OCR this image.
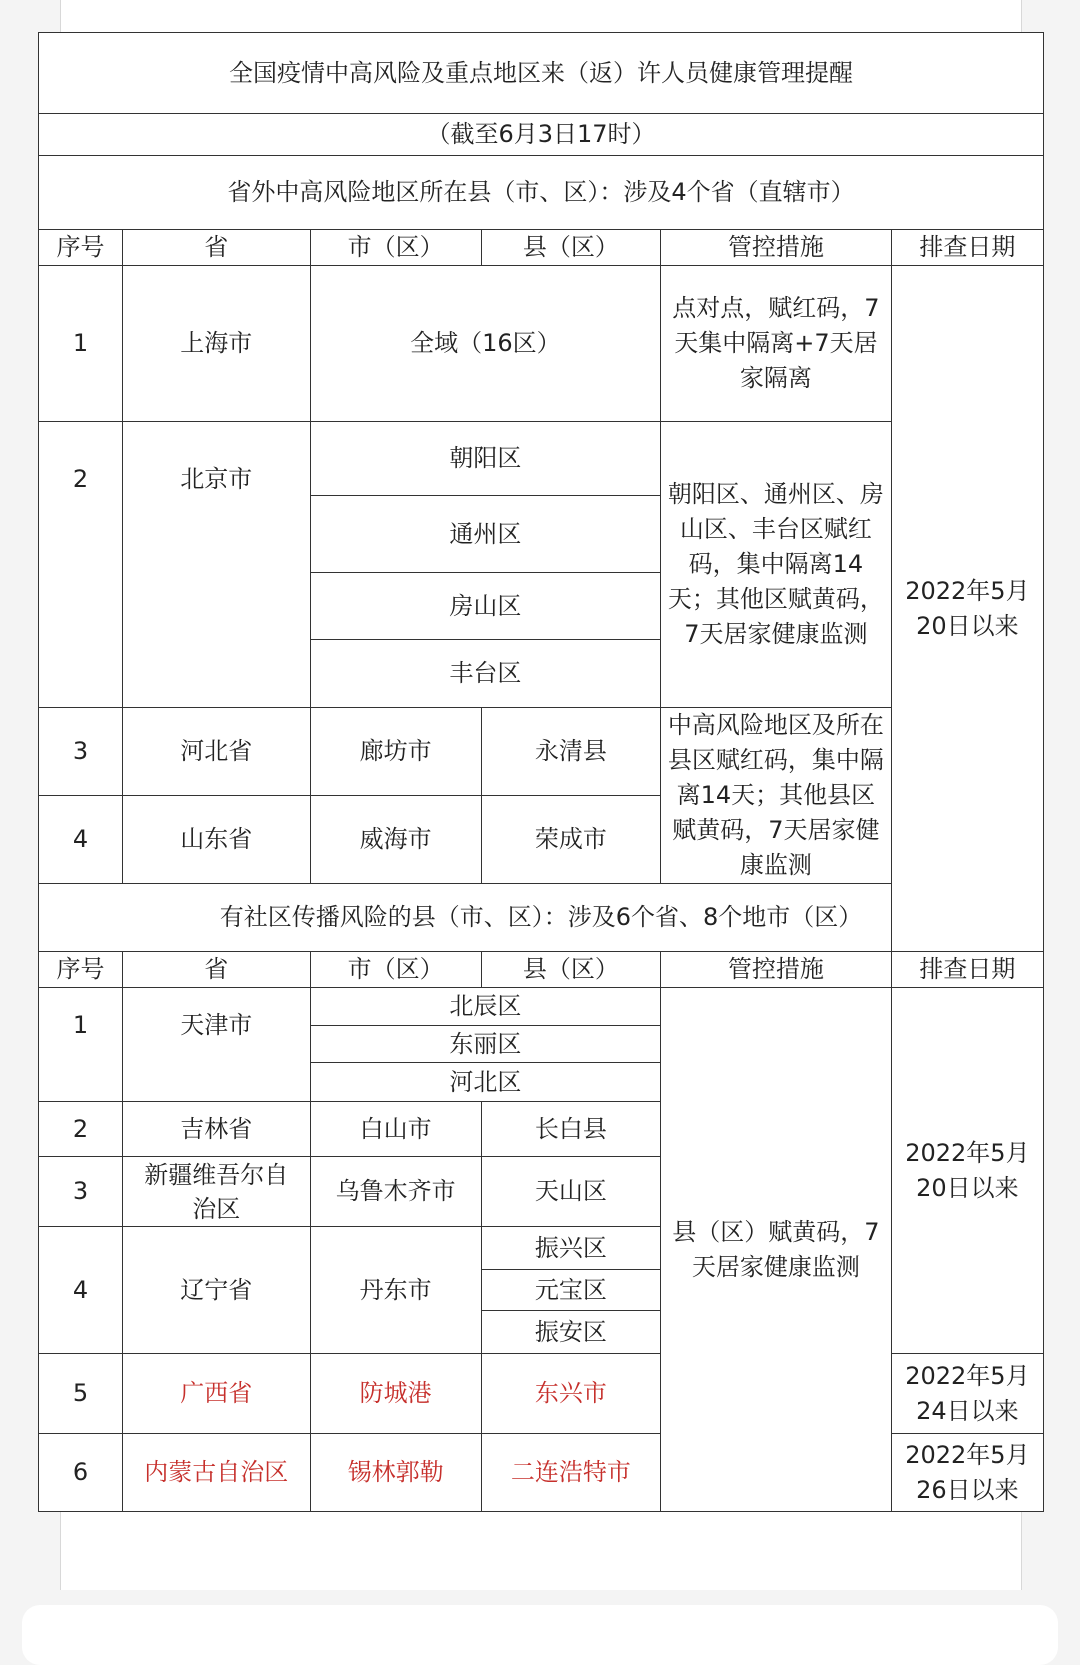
全国疫情中高风险及重点地区来（返）许人员健康管理提醒					
（截至6月3日17时）					
省外中高风险地区所在县（市、区）：涉及4个省（直辖市）					
序号	省	市（区）	县（区）	管控措施	排查日期
1	上海市	全域（16区）		点对点，赋红码，7天集中隔离+7天居家隔离	2022年5月20日以来
2	北京市	朝阳区		朝阳区、通州区、房山区、丰台区赋红码，集中隔离14天；其他区赋黄码，7天居家健康监测	
		通州区			
		房山区			
		丰台区			
3	河北省	廊坊市	永清县	中高风险地区及所在县区赋红码，集中隔离14天；其他县区赋黄码，7天居家健康监测	
4	山东省	威海市	荣成市		
有社区传播风险的县（市、区）：涉及6个省、8个地市（区）					
序号	省	市（区）	县（区）	管控措施	排查日期
1	天津市	北辰区		县（区）赋黄码，7天居家健康监测	2022年5月20日以来
		东丽区			
		河北区			
2	吉林省	白山市	长白县		
3	新疆维吾尔自治区	乌鲁木齐市	天山区		
4	辽宁省	丹东市	振兴区		
			元宝区		
			振安区		
5	广西省	防城港	东兴市		2022年5月24日以来
6	内蒙古自治区	锡林郭勒	二连浩特市		2022年5月26日以来
